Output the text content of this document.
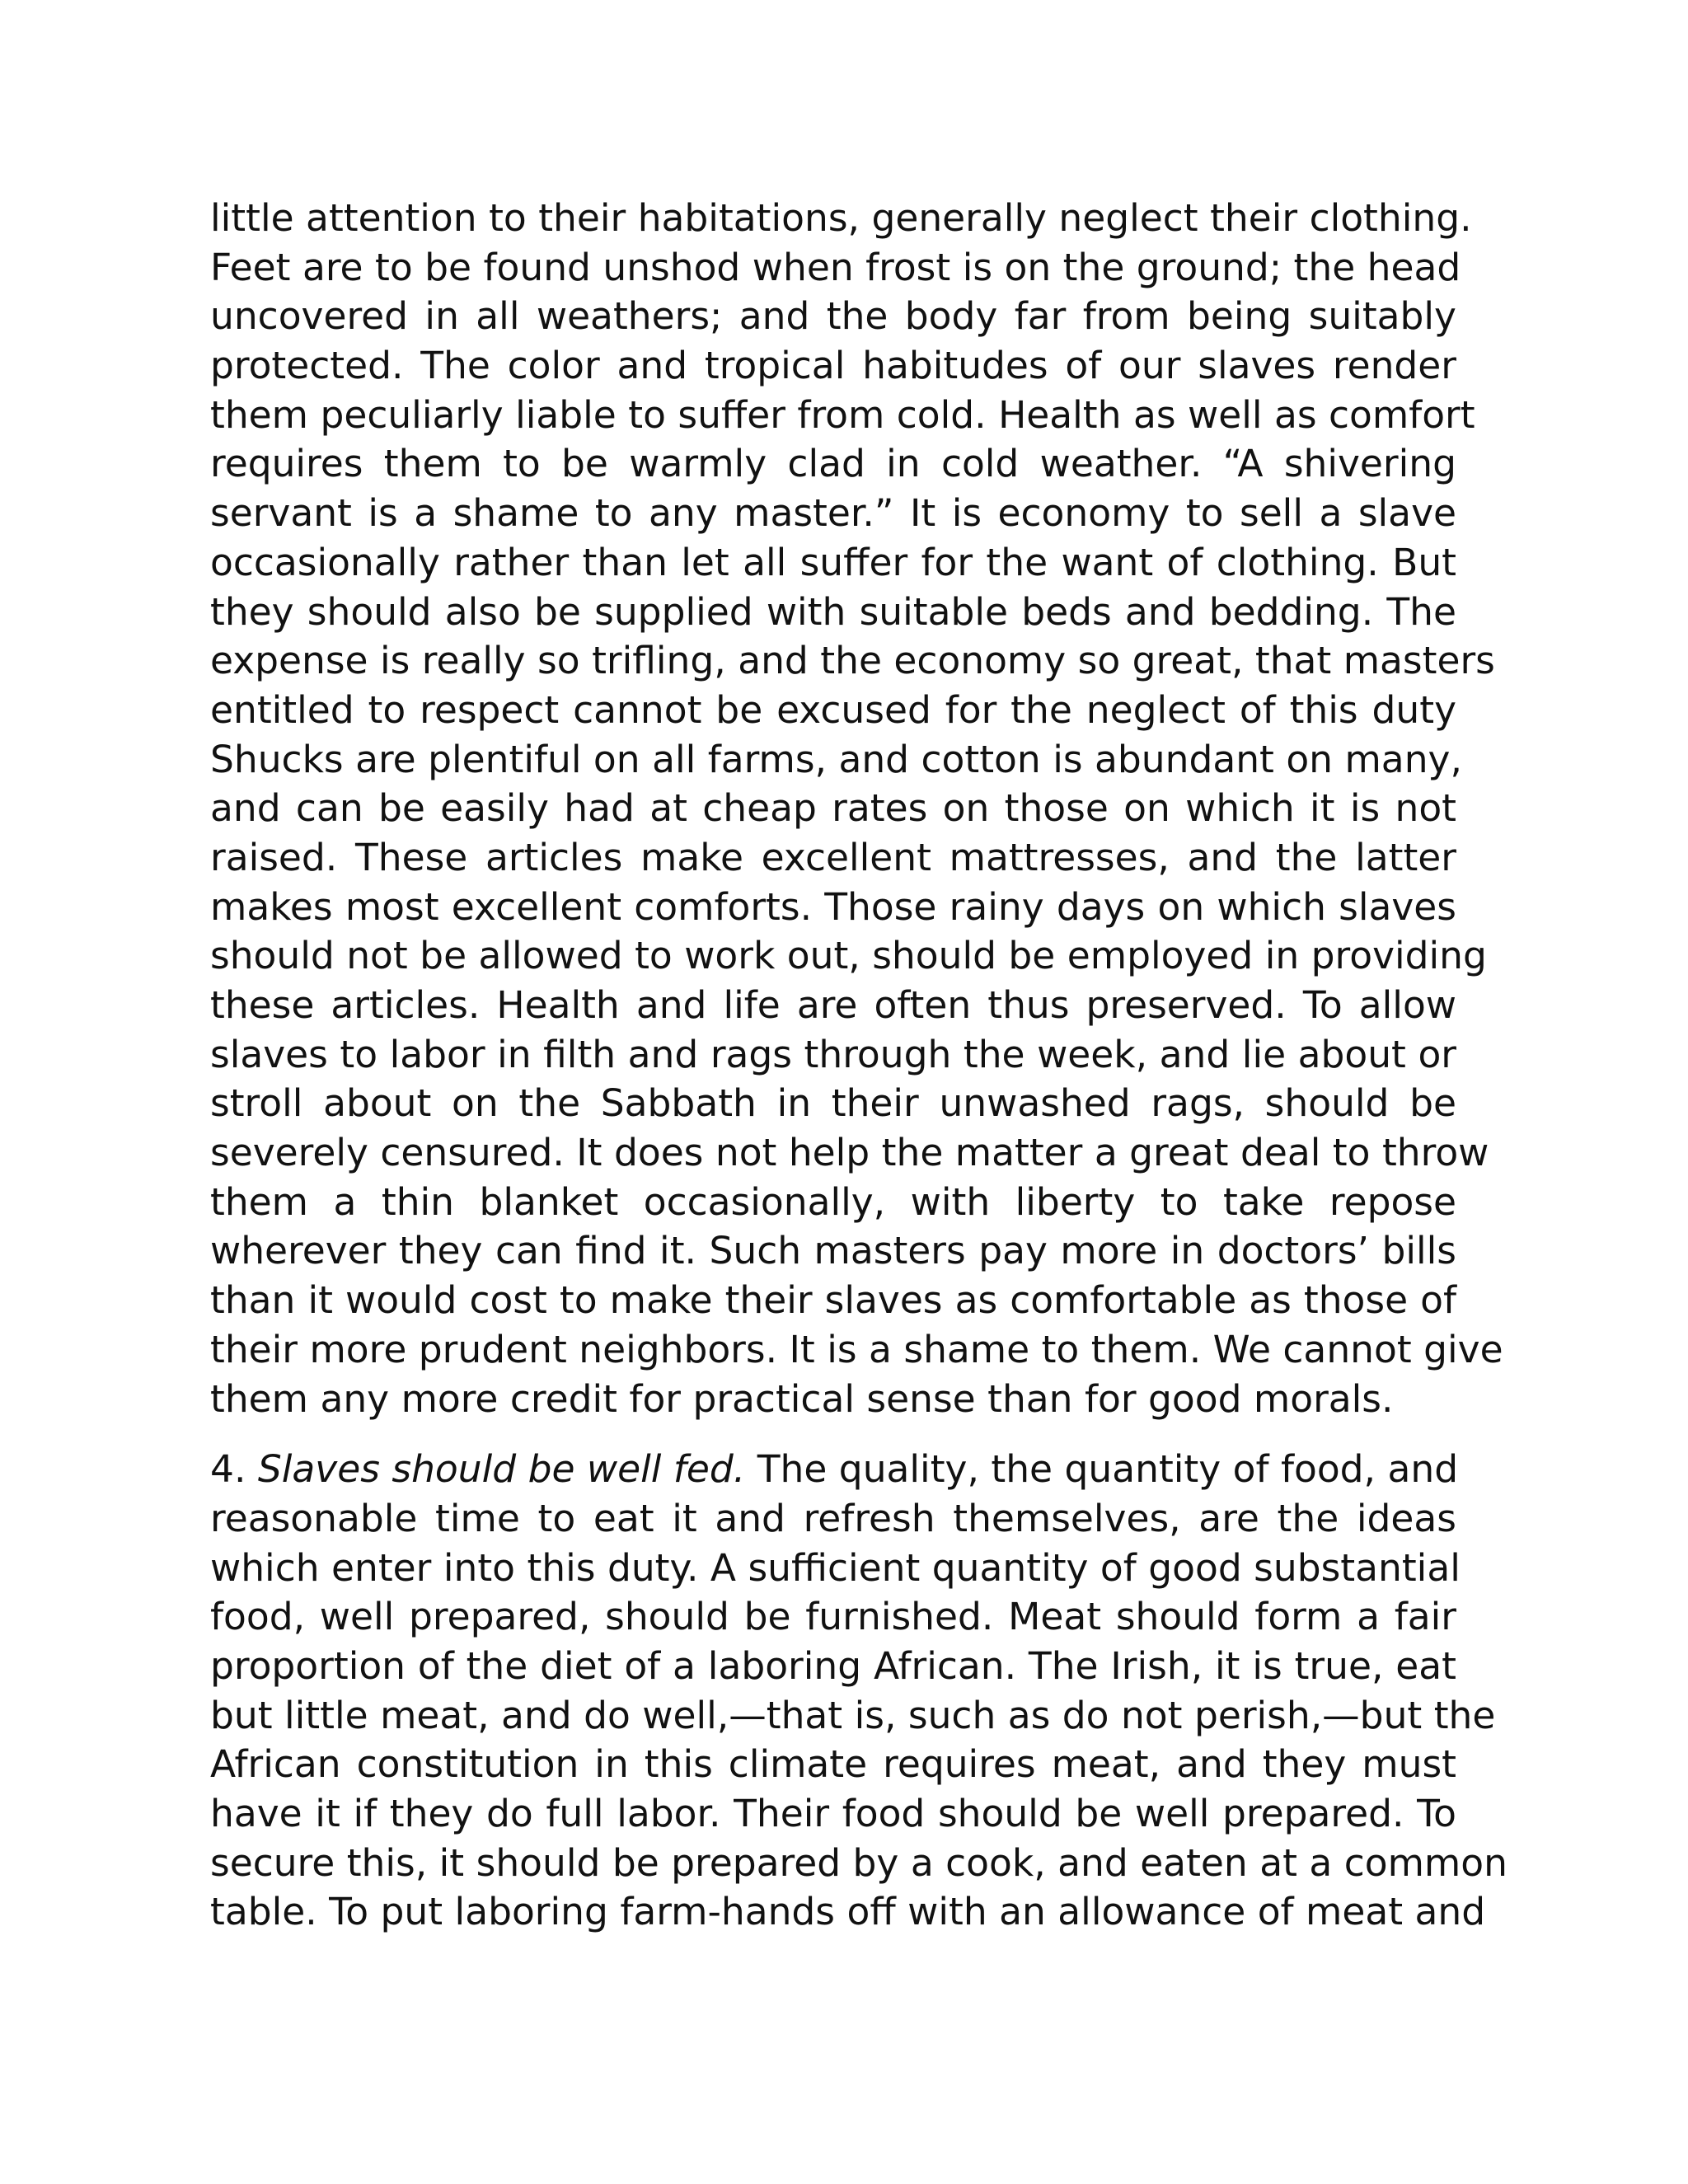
little attention to their habitations, generally neglect their clothing.
Feet are to be found unshod when frost is on the ground; the head
uncovered in all weathers; and the body far from being suitably
protected. The color and tropical habitudes of our slaves render
them peculiarly liable to suffer from cold. Health as well as comfort
requires them to be warmly clad in cold weather. “A shivering
servant is a shame to any master.” It is economy to sell a slave
occasionally rather than let all suffer for the want of clothing. But
they should also be supplied with suitable beds and bedding. The
expense is really so trifling, and the economy so great, that masters
entitled to respect cannot be excused for the neglect of this duty
Shucks are plentiful on all farms, and cotton is abundant on many,
and can be easily had at cheap rates on those on which it is not
raised. These articles make excellent mattresses, and the latter
makes most excellent comforts. Those rainy days on which slaves
should not be allowed to work out, should be employed in providing
these articles. Health and life are often thus preserved. To allow
slaves to labor in filth and rags through the week, and lie about or
stroll about on the Sabbath in their unwashed rags, should be
severely censured. It does not help the matter a great deal to throw
them a thin blanket occasionally, with liberty to take repose
wherever they can find it. Such masters pay more in doctors’ bills
than it would cost to make their slaves as comfortable as those of
their more prudent neighbors. It is a shame to them. We cannot give
them any more credit for practical sense than for good morals.
4. Slaves should be well fed. The quality, the quantity of food, and
reasonable time to eat it and refresh themselves, are the ideas
which enter into this duty. A sufficient quantity of good substantial
food, well prepared, should be furnished. Meat should form a fair
proportion of the diet of a laboring African. The Irish, it is true, eat
but little meat, and do well,—that is, such as do not perish,—but the
African constitution in this climate requires meat, and they must
have it if they do full labor. Their food should be well prepared. To
secure this, it should be prepared by a cook, and eaten at a common
table. To put laboring farm-hands off with an allowance of meat and
